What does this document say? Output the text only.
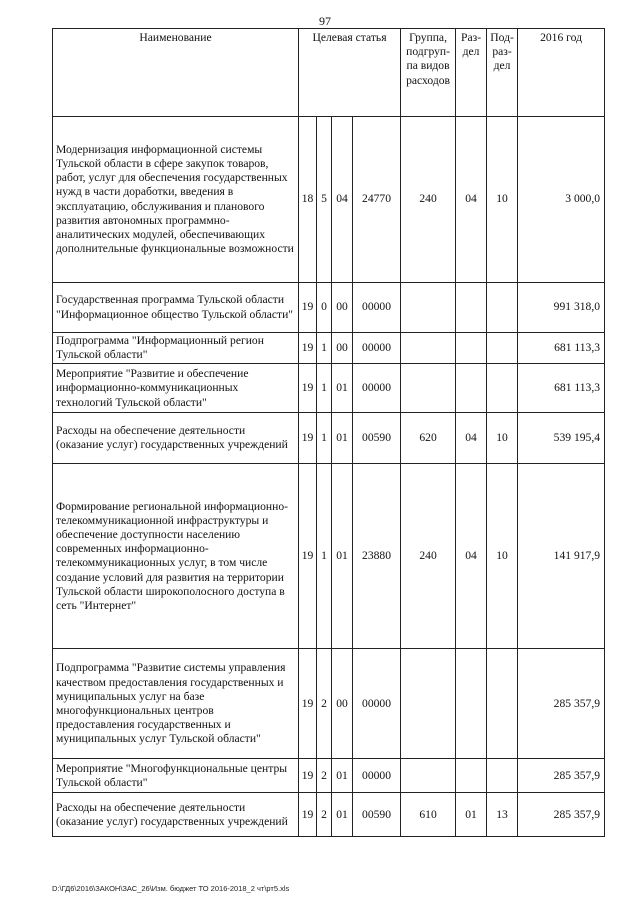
97
Наименование	Целевая статья				Группа, подгруп-па видов расходов	Раз-дел	Под-раз-дел	2016 год
Модернизация информационной системы Тульской области в сфере закупок товаров, работ, услуг для обеспечения государственных нужд в части доработки, введения в эксплуатацию, обслуживания и планового развития автономных программно-аналитических модулей, обеспечивающих дополнительные функциональные возможности	18	5	04	24770	240	04	10	3 000,0
Государственная программа Тульской области "Информационное общество Тульской области"	19	0	00	00000				991 318,0
Подпрограмма "Информационный регион Тульской области"	19	1	00	00000				681 113,3
Мероприятие "Развитие и обеспечение информационно-коммуникационных технологий Тульской области"	19	1	01	00000				681 113,3
Расходы на обеспечение деятельности (оказание услуг) государственных учреждений	19	1	01	00590	620	04	10	539 195,4
Формирование региональной информационно-телекоммуникационной инфраструктуры и обеспечение доступности населению современных информационно-телекоммуникационных услуг, в том числе создание условий для развития на территории Тульской области широкополосного доступа в сеть "Интернет"	19	1	01	23880	240	04	10	141 917,9
Подпрограмма "Развитие системы управления качеством предоставления государственных и муниципальных услуг на базе многофункциональных центров предоставления государственных и муниципальных услуг Тульской области"	19	2	00	00000				285 357,9
Мероприятие "Многофункциональные центры Тульской области"	19	2	01	00000				285 357,9
Расходы на обеспечение деятельности (оказание услуг) государственных учреждений	19	2	01	00590	610	01	13	285 357,9
D:\ГД6\2016\ЗАКОН\ЗАС_26\Изм. бюджет ТО 2016-2018_2 чт\рт5.xls
